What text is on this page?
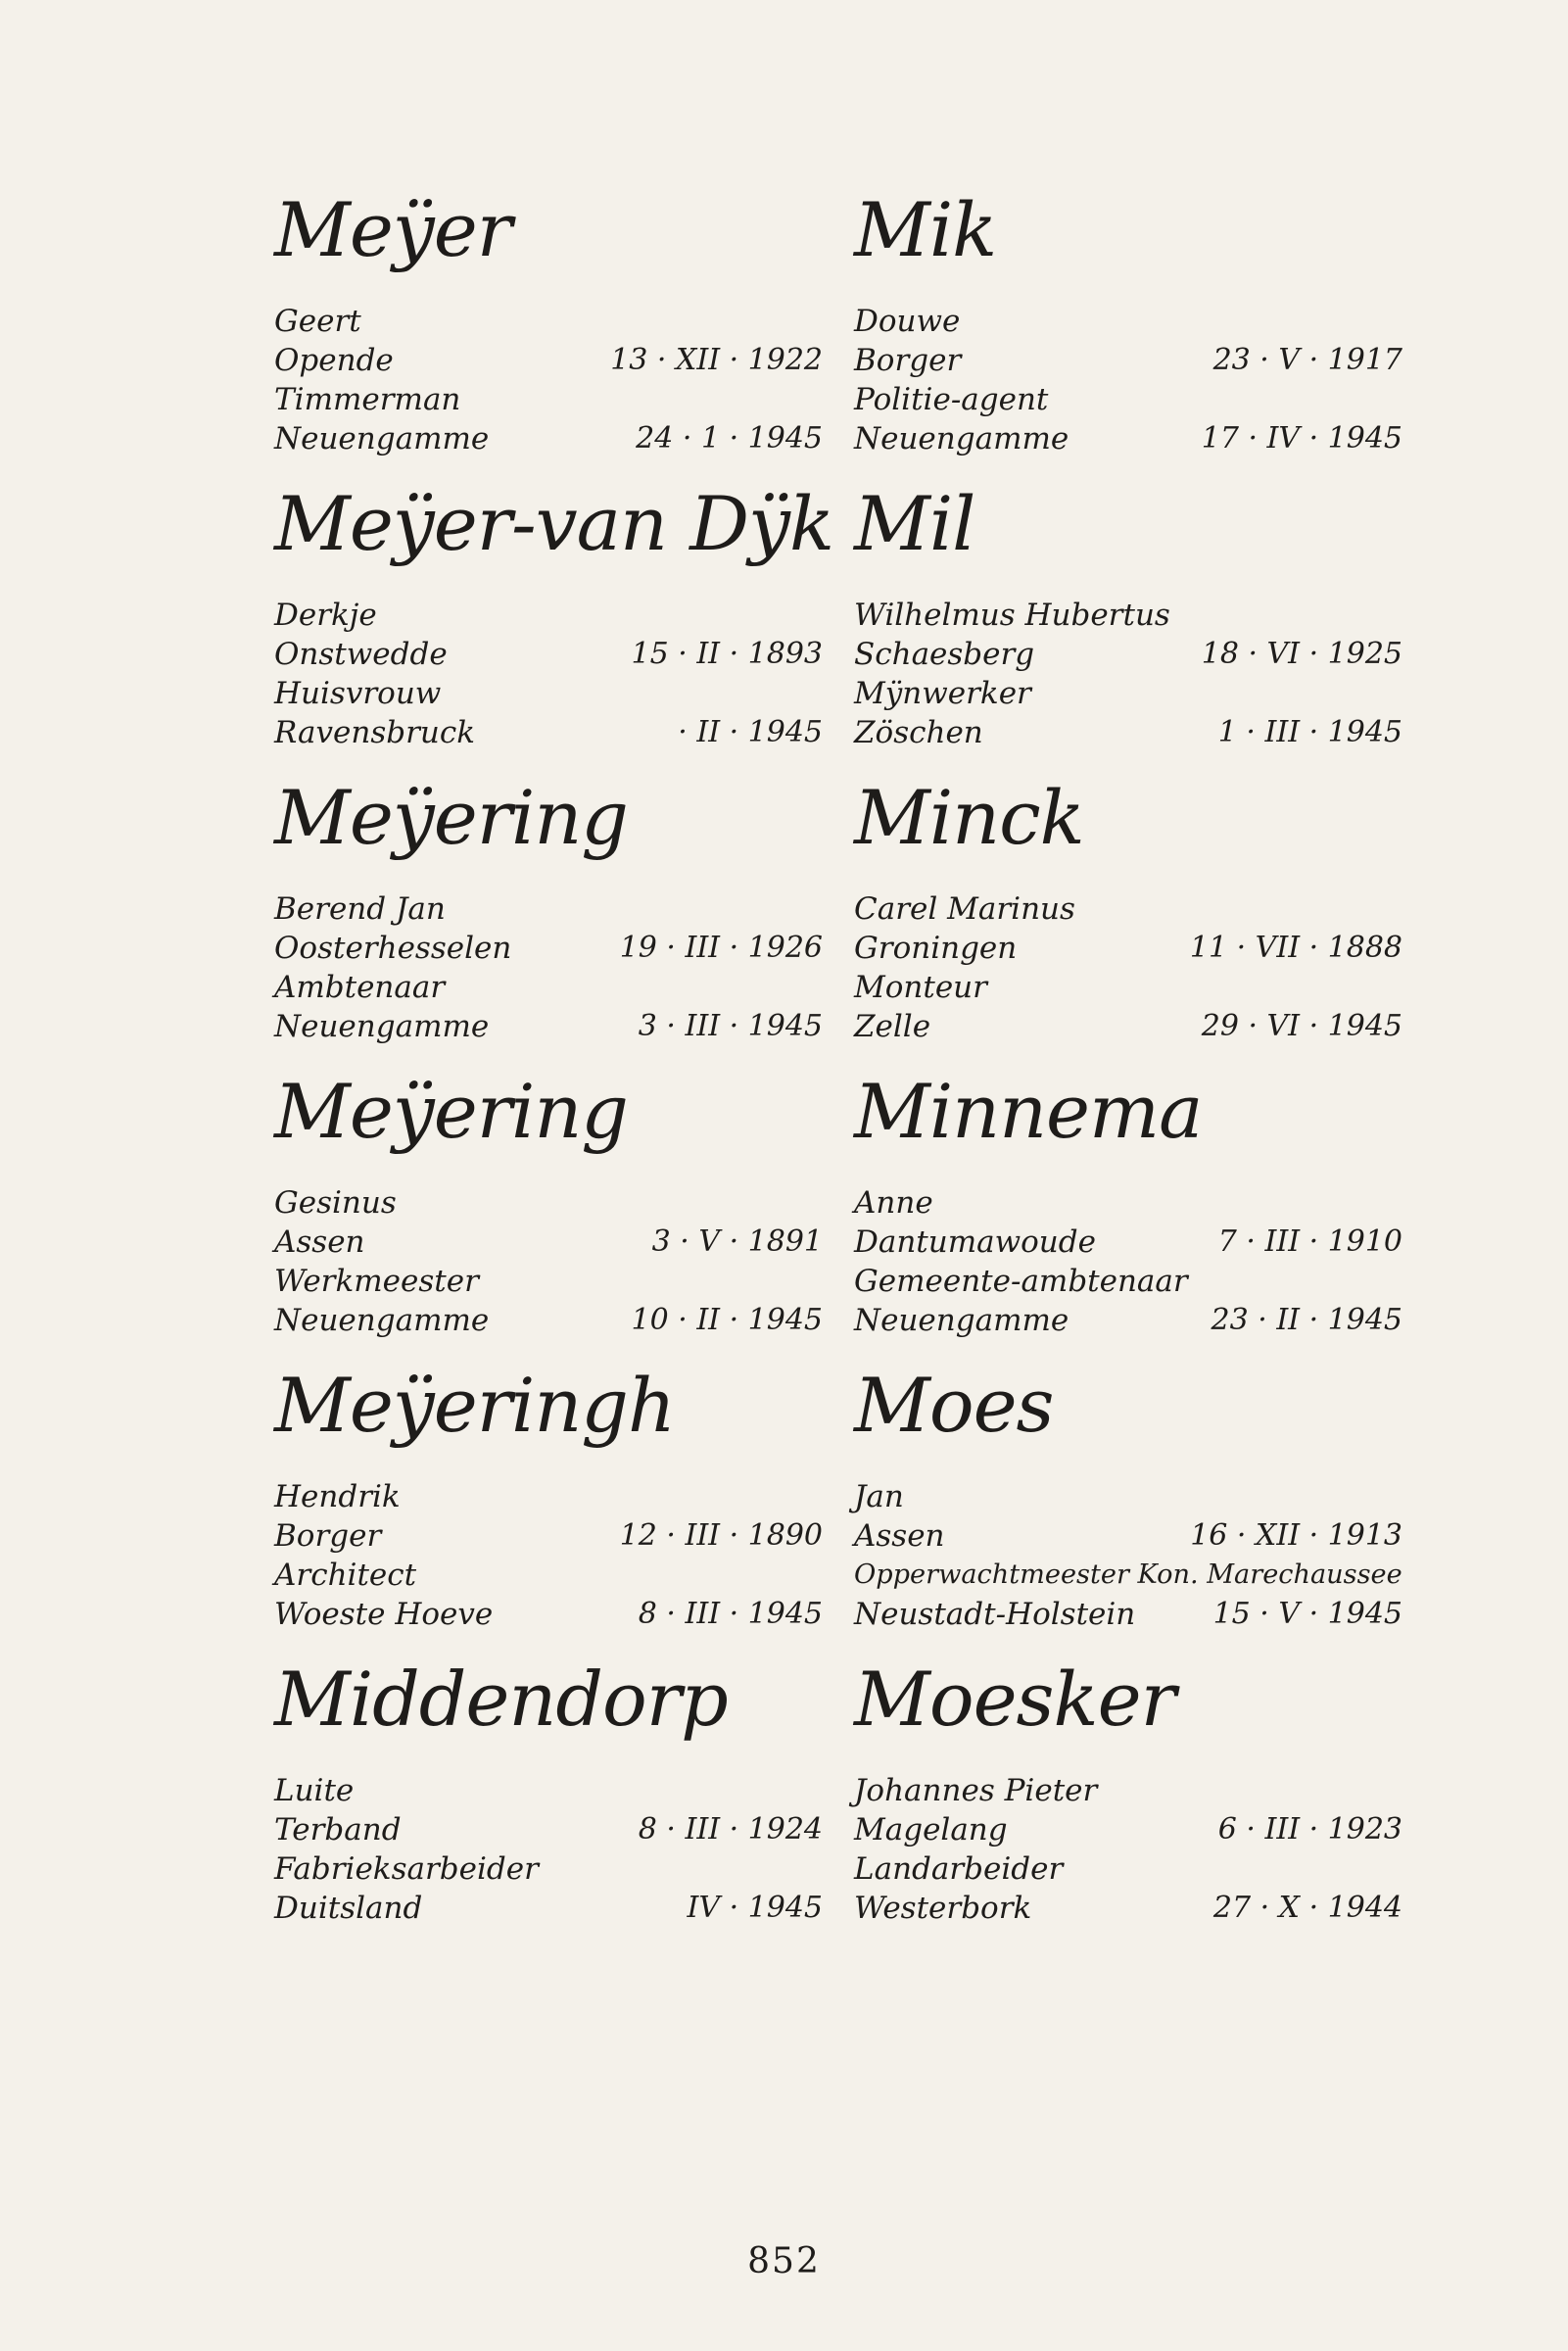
Meÿer
Geert
Opende	13 · XII · 1922
Timmerman
Neuengamme	24 · 1 · 1945
Meÿer-van Dÿk
Derkje
Onstwedde	15 · II · 1893
Huisvrouw
Ravensbruck	· II · 1945
Meÿering
Berend Jan
Oosterhesselen	19 · III · 1926
Ambtenaar
Neuengamme	3 · III · 1945
Meÿering
Gesinus
Assen	3 · V · 1891
Werkmeester
Neuengamme	10 · II · 1945
Meÿeringh
Hendrik
Borger	12 · III · 1890
Architect
Woeste Hoeve	8 · III · 1945
Middendorp
Luite
Terband	8 · III · 1924
Fabrieksarbeider
Duitsland	IV · 1945
Mik
Douwe
Borger	23 · V · 1917
Politie-agent
Neuengamme	17 · IV · 1945
Mil
Wilhelmus Hubertus
Schaesberg	18 · VI · 1925
Mÿnwerker
Zöschen	1 · III · 1945
Minck
Carel Marinus
Groningen	11 · VII · 1888
Monteur
Zelle	29 · VI · 1945
Minnema
Anne
Dantumawoude	7 · III · 1910
Gemeente-ambtenaar
Neuengamme	23 · II · 1945
Moes
Jan
Assen	16 · XII · 1913
Opperwachtmeester Kon. Marechaussee
Neustadt-Holstein	15 · V · 1945
Moesker
Johannes Pieter
Magelang	6 · III · 1923
Landarbeider
Westerbork	27 · X · 1944
852
